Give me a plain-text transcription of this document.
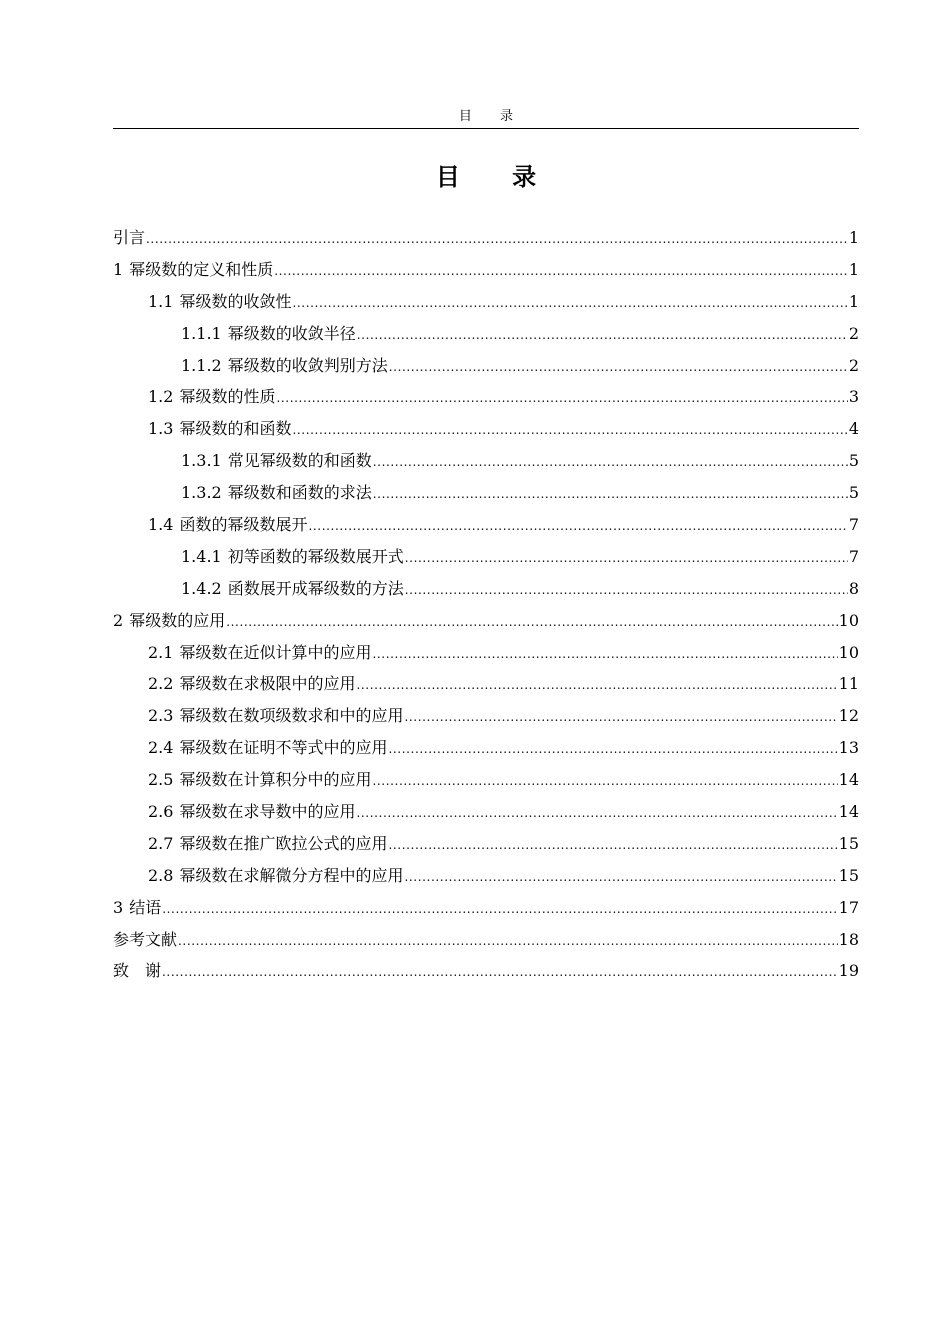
目 录
目 录
引言 .....	1
1 幂级数的定义和性质 .....	1
1.1 幂级数的收敛性 .....	1
1.1.1 幂级数的收敛半径 .....	2
1.1.2 幂级数的收敛判别方法 .....	2
1.2 幂级数的性质 .....	3
1.3 幂级数的和函数 .....	4
1.3.1 常见幂级数的和函数 .....	5
1.3.2 幂级数和函数的求法 .....	5
1.4 函数的幂级数展开 .....	7
1.4.1 初等函数的幂级数展开式 .....	7
1.4.2 函数展开成幂级数的方法 .....	8
2 幂级数的应用 .....	10
2.1 幂级数在近似计算中的应用 .....	10
2.2 幂级数在求极限中的应用 .....	11
2.3 幂级数在数项级数求和中的应用 .....	12
2.4 幂级数在证明不等式中的应用 .....	13
2.5 幂级数在计算积分中的应用 .....	14
2.6 幂级数在求导数中的应用 .....	14
2.7 幂级数在推广欧拉公式的应用 .....	15
2.8 幂级数在求解微分方程中的应用 .....	15
3 结语 .....	17
参考文献 .....	18
致　谢 .....	19
